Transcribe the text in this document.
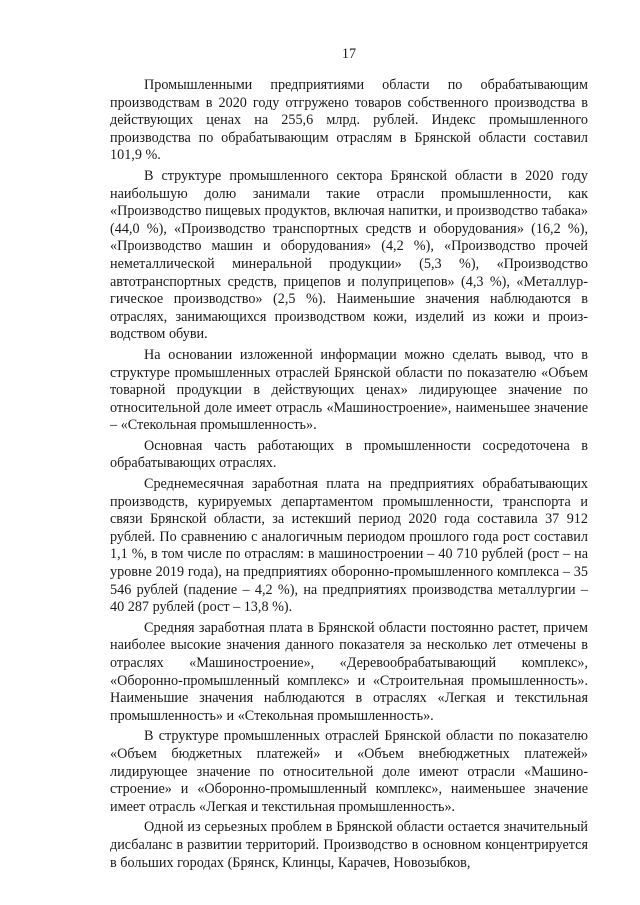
17

Промышленными предприятиями области по обрабатывающим производствам в 2020 году отгружено товаров собственного производства в действующих ценах на 255,6 млрд. рублей. Индекс промышленного производства по обрабатывающим отраслям в Брянской области составил 101,9 %.

В структуре промышленного сектора Брянской области в 2020 году наибольшую долю занимали такие отрасли промышленности, как «Производство пищевых продуктов, включая напитки, и производство табака» (44,0 %), «Производство транспортных средств и оборудования» (16,2 %), «Производство машин и оборудования» (4,2 %), «Производство прочей неметаллической минеральной продукции» (5,3 %), «Производство автотранспортных средств, прицепов и полуприцепов» (4,3 %), «Металлургическое производство» (2,5 %). Наименьшие значения наблюдаются в отраслях, занимающихся производством кожи, изделий из кожи и производством обуви.

На основании изложенной информации можно сделать вывод, что в структуре промышленных отраслей Брянской области по показателю «Объем товарной продукции в действующих ценах» лидирующее значение по относительной доле имеет отрасль «Машиностроение», наименьшее значение – «Стекольная промышленность».

Основная часть работающих в промышленности сосредоточена в обрабатывающих отраслях.

Среднемесячная заработная плата на предприятиях обрабатывающих производств, курируемых департаментом промышленности, транспорта и связи Брянской области, за истекший период 2020 года составила 37 912 рублей. По сравнению с аналогичным периодом прошлого года рост составил 1,1 %, в том числе по отраслям: в машиностроении – 40 710 рублей (рост – на уровне 2019 года), на предприятиях оборонно-промышленного комплекса – 35 546 рублей (падение – 4,2 %), на предприятиях производства металлургии – 40 287 рублей (рост – 13,8 %).

Средняя заработная плата в Брянской области постоянно растет, причем наиболее высокие значения данного показателя за несколько лет отмечены в отраслях «Машиностроение», «Деревообрабатывающий комплекс», «Оборонно-промышленный комплекс» и «Строительная промышленность». Наименьшие значения наблюдаются в отраслях «Легкая и текстильная промышленность» и «Стекольная промышленность».

В структуре промышленных отраслей Брянской области по показателю «Объем бюджетных платежей» и «Объем внебюджетных платежей» лидирующее значение по относительной доле имеют отрасли «Машиностроение» и «Оборонно-промышленный комплекс», наименьшее значение имеет отрасль «Легкая и текстильная промышленность».

Одной из серьезных проблем в Брянской области остается значительный дисбаланс в развитии территорий. Производство в основном концентрируется в больших городах (Брянск, Клинцы, Карачев, Новозыбков,
